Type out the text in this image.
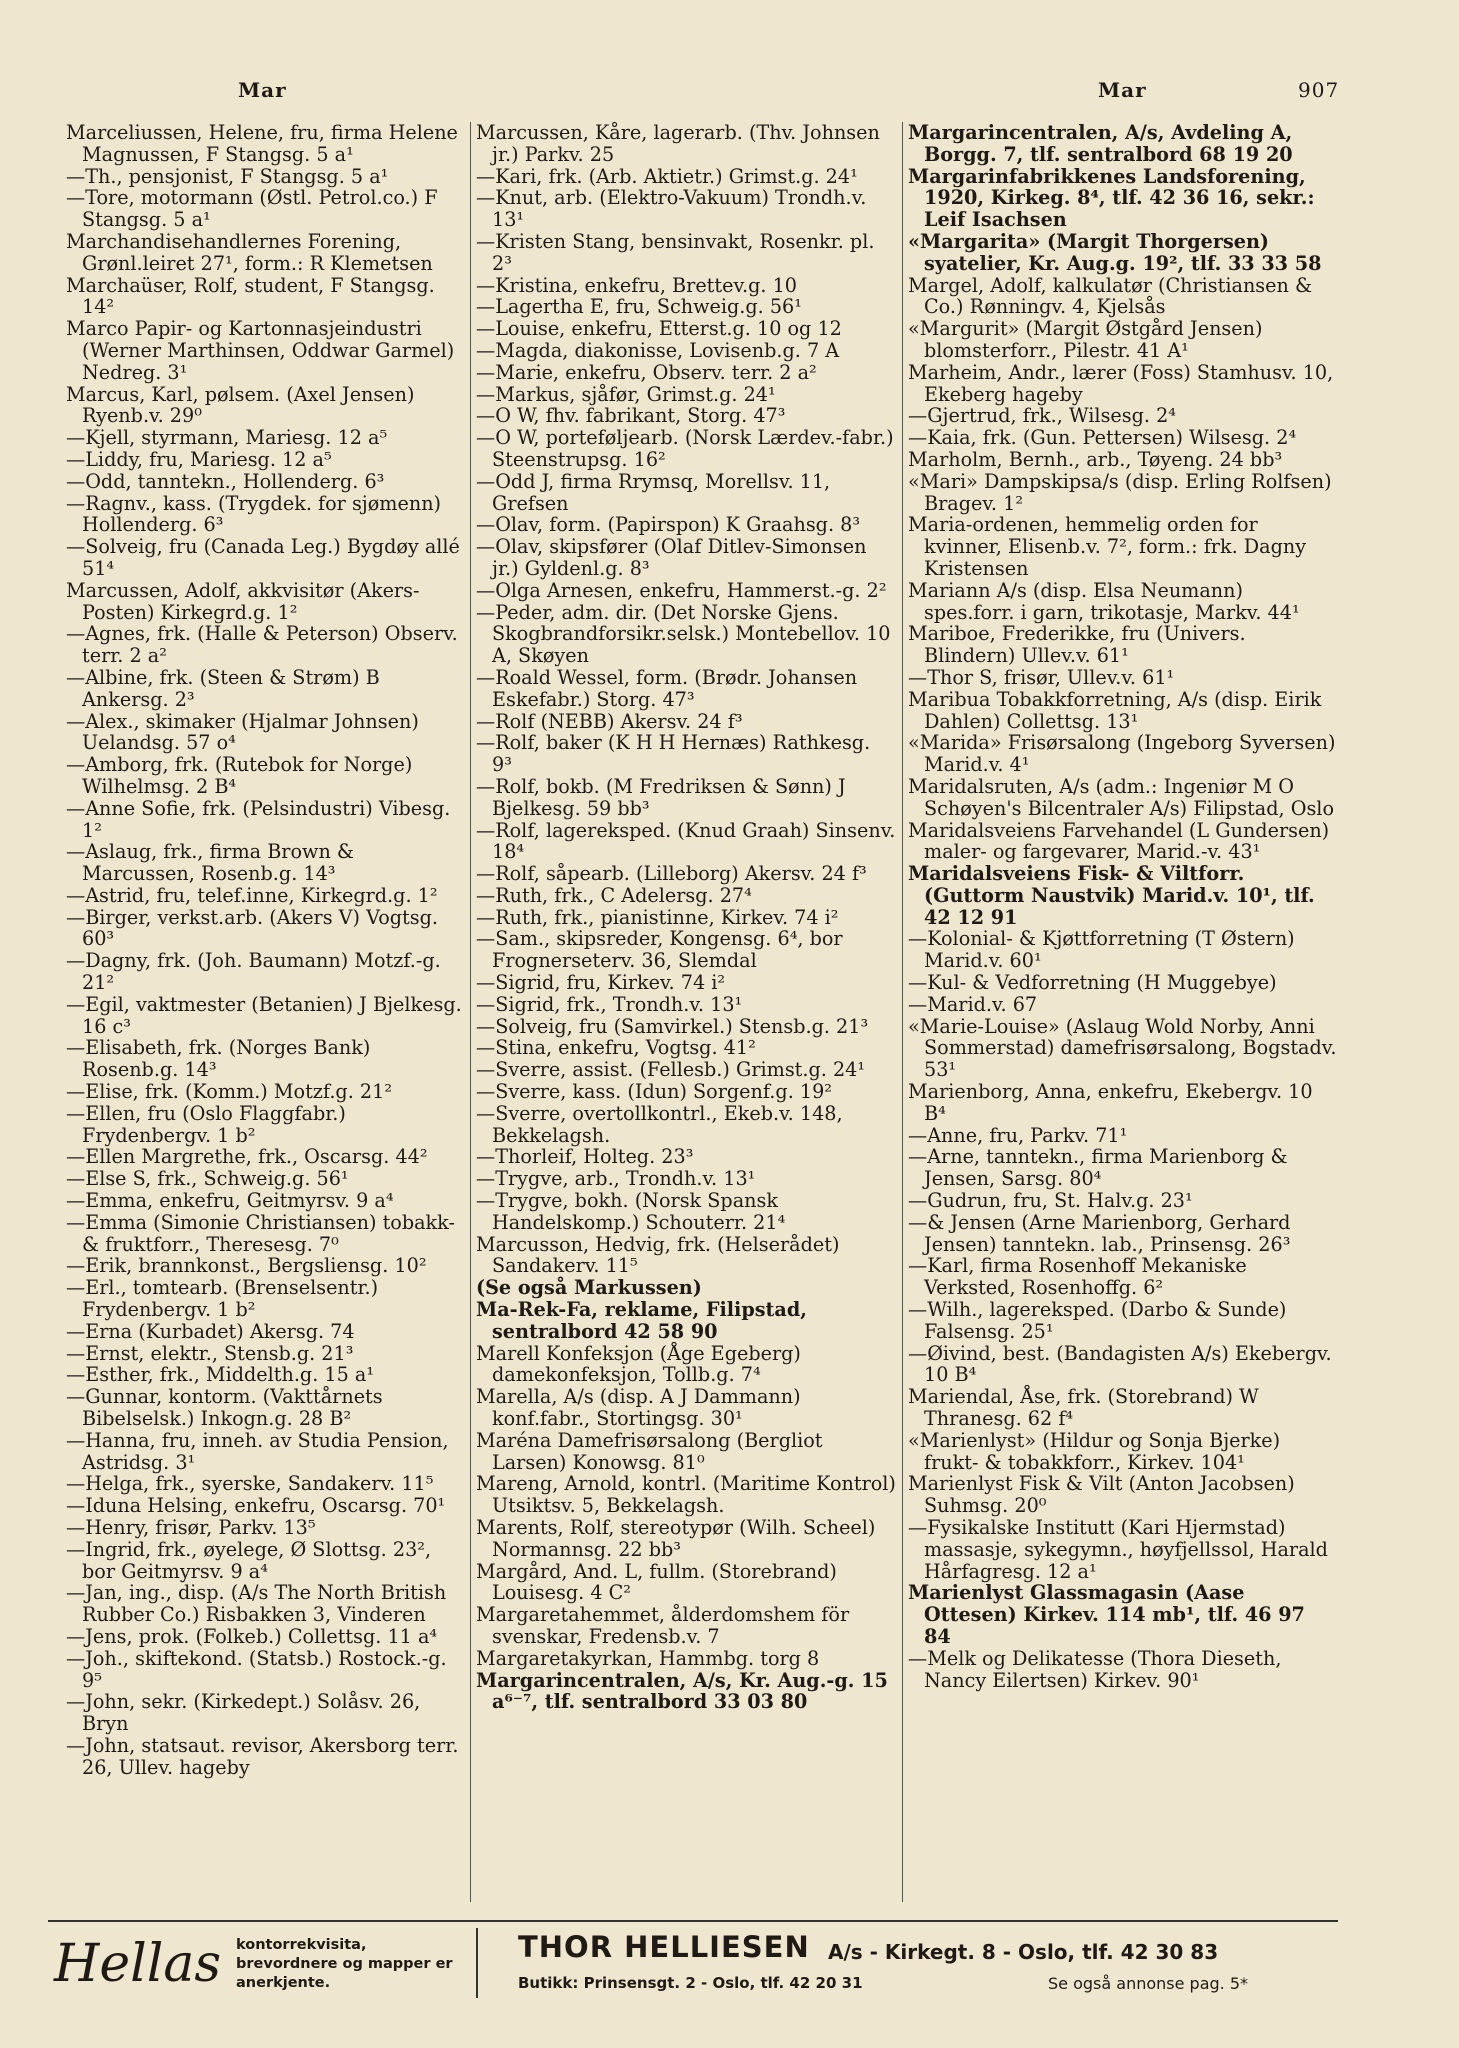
Mar	Mar	907
Marceliussen, Helene, fru, firma Helene Magnussen, F Stangsg. 5 a¹
—Th., pensjonist, F Stangsg. 5 a¹
—Tore, motormann (Østl. Petrol.co.) F Stangsg. 5 a¹
Marchandisehandlernes Forening, Grønl.leiret 27¹, form.: R Klemetsen
Marchaüser, Rolf, student, F Stangsg. 14²
Marco Papir- og Kartonnasjeindustri (Werner Marthinsen, Oddwar Garmel) Nedreg. 3¹
Marcus, Karl, pølsem. (Axel Jensen) Ryenb.v. 29⁰
—Kjell, styrmann, Mariesg. 12 a⁵
—Liddy, fru, Mariesg. 12 a⁵
—Odd, tanntekn., Hollenderg. 6³
—Ragnv., kass. (Trygdek. for sjømenn) Hollenderg. 6³
—Solveig, fru (Canada Leg.) Bygdøy allé 51⁴
Marcussen, Adolf, akkvisitør (Akers-Posten) Kirkegrd.g. 1²
—Agnes, frk. (Halle & Peterson) Observ. terr. 2 a²
—Albine, frk. (Steen & Strøm) B Ankersg. 2³
—Alex., skimaker (Hjalmar Johnsen) Uelandsg. 57 o⁴
—Amborg, frk. (Rutebok for Norge) Wilhelmsg. 2 B⁴
—Anne Sofie, frk. (Pelsindustri) Vibesg. 1²
—Aslaug, frk., firma Brown & Marcussen, Rosenb.g. 14³
—Astrid, fru, telef.inne, Kirkegrd.g. 1²
—Birger, verkst.arb. (Akers V) Vogtsg. 60³
—Dagny, frk. (Joh. Baumann) Motzf.-g. 21²
—Egil, vaktmester (Betanien) J Bjelkesg. 16 c³
—Elisabeth, frk. (Norges Bank) Rosenb.g. 14³
—Elise, frk. (Komm.) Motzf.g. 21²
—Ellen, fru (Oslo Flaggfabr.) Frydenbergv. 1 b²
—Ellen Margrethe, frk., Oscarsg. 44²
—Else S, frk., Schweig.g. 56¹
—Emma, enkefru, Geitmyrsv. 9 a⁴
—Emma (Simonie Christiansen) tobakk- & fruktforr., Theresesg. 7⁰
—Erik, brannkonst., Bergsliensg. 10²
—Erl., tomtearb. (Brenselsentr.) Frydenbergv. 1 b²
—Erna (Kurbadet) Akersg. 74
—Ernst, elektr., Stensb.g. 21³
—Esther, frk., Middelth.g. 15 a¹
—Gunnar, kontorm. (Vakttårnets Bibelselsk.) Inkogn.g. 28 B²
—Hanna, fru, inneh. av Studia Pension, Astridsg. 3¹
—Helga, frk., syerske, Sandakerv. 11⁵
—Iduna Helsing, enkefru, Oscarsg. 70¹
—Henry, frisør, Parkv. 13⁵
—Ingrid, frk., øyelege, Ø Slottsg. 23², bor Geitmyrsv. 9 a⁴
—Jan, ing., disp. (A/s The North British Rubber Co.) Risbakken 3, Vinderen
—Jens, prok. (Folkeb.) Collettsg. 11 a⁴
—Joh., skiftekond. (Statsb.) Rostock.-g. 9⁵
—John, sekr. (Kirkedept.) Solåsv. 26, Bryn
—John, statsaut. revisor, Akersborg terr. 26, Ullev. hageby
Marcussen, Kåre, lagerarb. (Thv. Johnsen jr.) Parkv. 25
—Kari, frk. (Arb. Aktietr.) Grimst.g. 24¹
—Knut, arb. (Elektro-Vakuum) Trondh.v. 13¹
—Kristen Stang, bensinvakt, Rosenkr. pl. 2³
—Kristina, enkefru, Brettev.g. 10
—Lagertha E, fru, Schweig.g. 56¹
—Louise, enkefru, Etterst.g. 10 og 12
—Magda, diakonisse, Lovisenb.g. 7 A
—Marie, enkefru, Observ. terr. 2 a²
—Markus, sjåfør, Grimst.g. 24¹
—O W, fhv. fabrikant, Storg. 47³
—O W, porteføljearb. (Norsk Lærdev.-fabr.) Steenstrupsg. 16²
—Odd J, firma Rrymsq, Morellsv. 11, Grefsen
—Olav, form. (Papirspon) K Graahsg. 8³
—Olav, skipsfører (Olaf Ditlev-Simonsen jr.) Gyldenl.g. 8³
—Olga Arnesen, enkefru, Hammerst.-g. 2²
—Peder, adm. dir. (Det Norske Gjens. Skogbrandforsikr.selsk.) Montebellov. 10 A, Skøyen
—Roald Wessel, form. (Brødr. Johansen Eskefabr.) Storg. 47³
—Rolf (NEBB) Akersv. 24 f³
—Rolf, baker (K H H Hernæs) Rathkesg. 9³
—Rolf, bokb. (M Fredriksen & Sønn) J Bjelkesg. 59 bb³
—Rolf, lagereksped. (Knud Graah) Sinsenv. 18⁴
—Rolf, såpearb. (Lilleborg) Akersv. 24 f³
—Ruth, frk., C Adelersg. 27⁴
—Ruth, frk., pianistinne, Kirkev. 74 i²
—Sam., skipsreder, Kongensg. 6⁴, bor Frognerseterv. 36, Slemdal
—Sigrid, fru, Kirkev. 74 i²
—Sigrid, frk., Trondh.v. 13¹
—Solveig, fru (Samvirkel.) Stensb.g. 21³
—Stina, enkefru, Vogtsg. 41²
—Sverre, assist. (Fellesb.) Grimst.g. 24¹
—Sverre, kass. (Idun) Sorgenf.g. 19²
—Sverre, overtollkontrl., Ekeb.v. 148, Bekkelagsh.
—Thorleif, Holteg. 23³
—Trygve, arb., Trondh.v. 13¹
—Trygve, bokh. (Norsk Spansk Handelskomp.) Schouterr. 21⁴
Marcusson, Hedvig, frk. (Helserådet) Sandakerv. 11⁵
(Se også Markussen)
Ma-Rek-Fa, reklame, Filipstad, sentralbord 42 58 90
Marell Konfeksjon (Åge Egeberg) damekonfeksjon, Tollb.g. 7⁴
Marella, A/s (disp. A J Dammann) konf.fabr., Stortingsg. 30¹
Maréna Damefrisørsalong (Bergliot Larsen) Konowsg. 81⁰
Mareng, Arnold, kontrl. (Maritime Kontrol) Utsiktsv. 5, Bekkelagsh.
Marents, Rolf, stereotypør (Wilh. Scheel) Normannsg. 22 bb³
Margård, And. L, fullm. (Storebrand) Louisesg. 4 C²
Margaretahemmet, ålderdomshem för svenskar, Fredensb.v. 7
Margaretakyrkan, Hammbg. torg 8
Margarincentralen, A/s, Kr. Aug.-g. 15 a⁶⁻⁷, tlf. sentralbord 33 03 80
Margarincentralen, A/s, Avdeling A, Borgg. 7, tlf. sentralbord 68 19 20
Margarinfabrikkenes Landsforening, 1920, Kirkeg. 8⁴, tlf. 42 36 16, sekr.: Leif Isachsen
«Margarita» (Margit Thorgersen) syatelier, Kr. Aug.g. 19², tlf. 33 33 58
Margel, Adolf, kalkulatør (Christiansen & Co.) Rønningv. 4, Kjelsås
«Margurit» (Margit Østgård Jensen) blomsterforr., Pilestr. 41 A¹
Marheim, Andr., lærer (Foss) Stamhusv. 10, Ekeberg hageby
—Gjertrud, frk., Wilsesg. 2⁴
—Kaia, frk. (Gun. Pettersen) Wilsesg. 2⁴
Marholm, Bernh., arb., Tøyeng. 24 bb³
«Mari» Dampskipsa/s (disp. Erling Rolfsen) Bragev. 1²
Maria-ordenen, hemmelig orden for kvinner, Elisenb.v. 7², form.: frk. Dagny Kristensen
Mariann A/s (disp. Elsa Neumann) spes.forr. i garn, trikotasje, Markv. 44¹
Mariboe, Frederikke, fru (Univers. Blindern) Ullev.v. 61¹
—Thor S, frisør, Ullev.v. 61¹
Maribua Tobakkforretning, A/s (disp. Eirik Dahlen) Collettsg. 13¹
«Marida» Frisørsalong (Ingeborg Syversen) Marid.v. 4¹
Maridalsruten, A/s (adm.: Ingeniør M O Schøyen's Bilcentraler A/s) Filipstad, Oslo
Maridalsveiens Farvehandel (L Gundersen) maler- og fargevarer, Marid.-v. 43¹
Maridalsveiens Fisk- & Viltforr. (Guttorm Naustvik) Marid.v. 10¹, tlf. 42 12 91
—Kolonial- & Kjøttforretning (T Østern) Marid.v. 60¹
—Kul- & Vedforretning (H Muggebye)
—Marid.v. 67
«Marie-Louise» (Aslaug Wold Norby, Anni Sommerstad) damefrisørsalong, Bogstadv. 53¹
Marienborg, Anna, enkefru, Ekebergv. 10 B⁴
—Anne, fru, Parkv. 71¹
—Arne, tanntekn., firma Marienborg & Jensen, Sarsg. 80⁴
—Gudrun, fru, St. Halv.g. 23¹
—& Jensen (Arne Marienborg, Gerhard Jensen) tanntekn. lab., Prinsensg. 26³
—Karl, firma Rosenhoff Mekaniske Verksted, Rosenhoffg. 6²
—Wilh., lagereksped. (Darbo & Sunde) Falsensg. 25¹
—Øivind, best. (Bandagisten A/s) Ekebergv. 10 B⁴
Mariendal, Åse, frk. (Storebrand) W Thranesg. 62 f⁴
«Marienlyst» (Hildur og Sonja Bjerke) frukt- & tobakkforr., Kirkev. 104¹
Marienlyst Fisk & Vilt (Anton Jacobsen) Suhmsg. 20⁰
—Fysikalske Institutt (Kari Hjermstad) massasje, sykegymn., høyfjellssol, Harald Hårfagresg. 12 a¹
Marienlyst Glassmagasin (Aase Ottesen) Kirkev. 114 mb¹, tlf. 46 97 84
—Melk og Delikatesse (Thora Dieseth, Nancy Eilertsen) Kirkev. 90¹
Hellas kontorrekvisita, brevordnere og mapper er anerkjente.
THOR HELLIESEN A/s - Kirkegt. 8 - Oslo, tlf. 42 30 83
Butikk: Prinsensgt. 2 - Oslo, tlf. 42 20 31	Se også annonse pag. 5*
